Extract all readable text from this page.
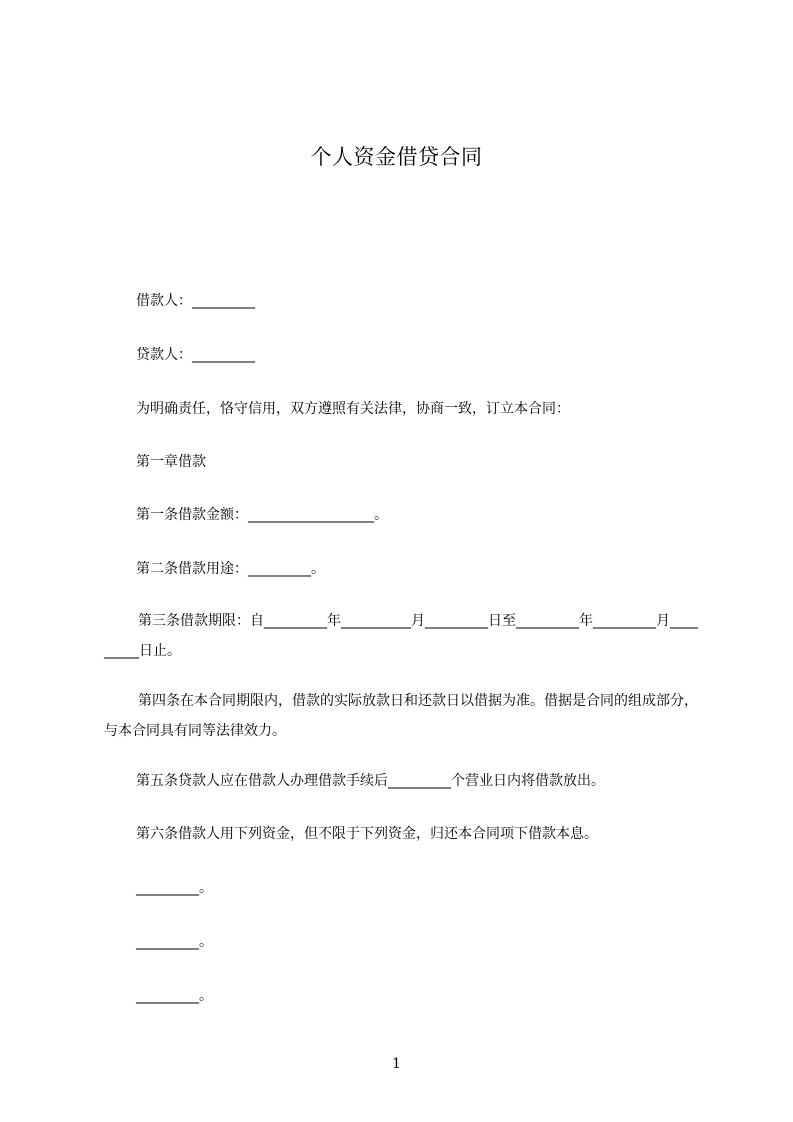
个人资金借贷合同
借款人：_________
贷款人：_________
为明确责任，恪守信用，双方遵照有关法律，协商一致，订立本合同：
第一章借款
第一条借款金额：__________________。
第二条借款用途：_________。
第三条借款期限：自_________年__________月_________日至_________年_________月_________日止。
第四条在本合同期限内，借款的实际放款日和还款日以借据为准。借据是合同的组成部分，与本合同具有同等法律效力。
第五条贷款人应在借款人办理借款手续后_________个营业日内将借款放出。
第六条借款人用下列资金，但不限于下列资金，归还本合同项下借款本息。
_________。
_________。
_________。
1
